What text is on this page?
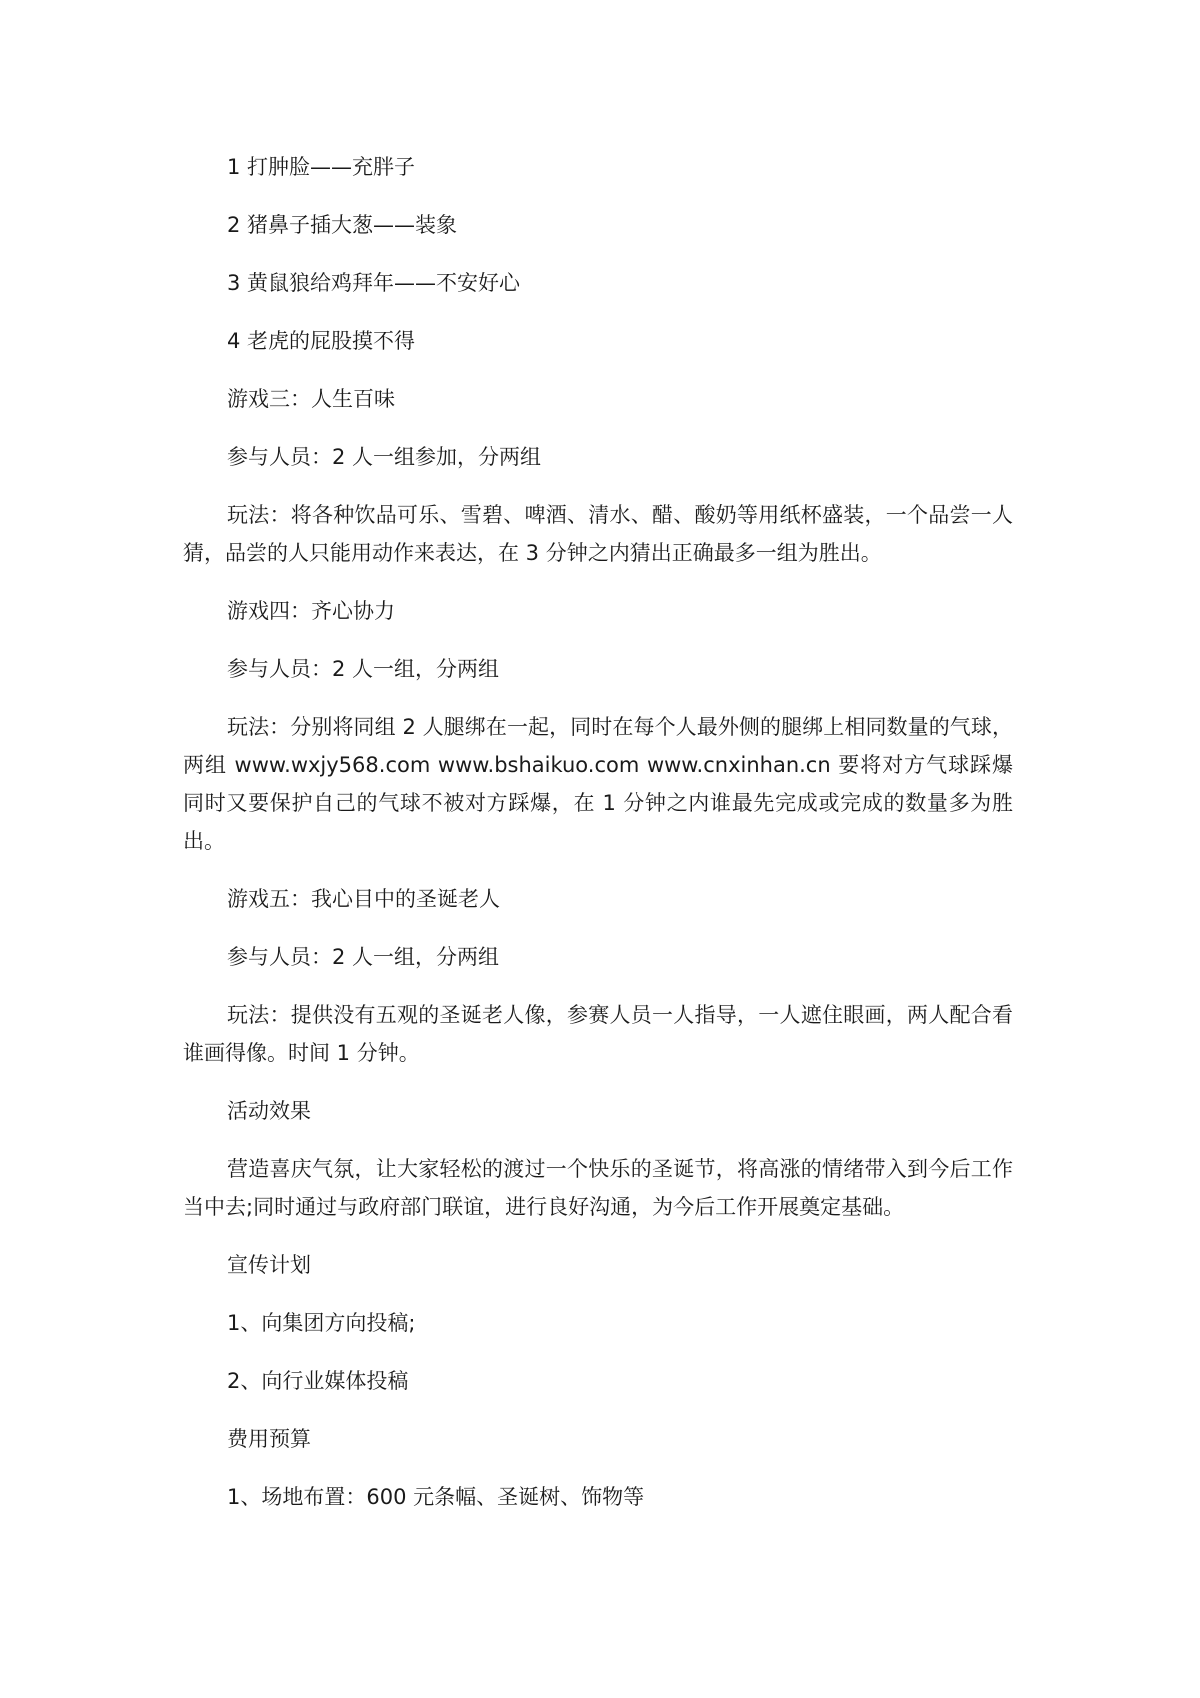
1 打肿脸——充胖子

2 猪鼻子插大葱——装象

3 黄鼠狼给鸡拜年——不安好心

4 老虎的屁股摸不得

游戏三：人生百味

参与人员：2 人一组参加，分两组

玩法：将各种饮品可乐、雪碧、啤酒、清水、醋、酸奶等用纸杯盛装，一个品尝一人猜，品尝的人只能用动作来表达，在 3 分钟之内猜出正确最多一组为胜出。

游戏四：齐心协力

参与人员：2 人一组，分两组

玩法：分别将同组 2 人腿绑在一起，同时在每个人最外侧的腿绑上相同数量的气球，两组 www.wxjy568.com www.bshaikuo.com www.cnxinhan.cn 要将对方气球踩爆同时又要保护自己的气球不被对方踩爆，在 1 分钟之内谁最先完成或完成的数量多为胜出。

游戏五：我心目中的圣诞老人

参与人员：2 人一组，分两组

玩法：提供没有五观的圣诞老人像，参赛人员一人指导，一人遮住眼画，两人配合看谁画得像。时间 1 分钟。

活动效果

营造喜庆气氛，让大家轻松的渡过一个快乐的圣诞节，将高涨的情绪带入到今后工作当中去;同时通过与政府部门联谊，进行良好沟通，为今后工作开展奠定基础。

宣传计划

1、向集团方向投稿;

2、向行业媒体投稿

费用预算

1、场地布置：600 元条幅、圣诞树、饰物等
